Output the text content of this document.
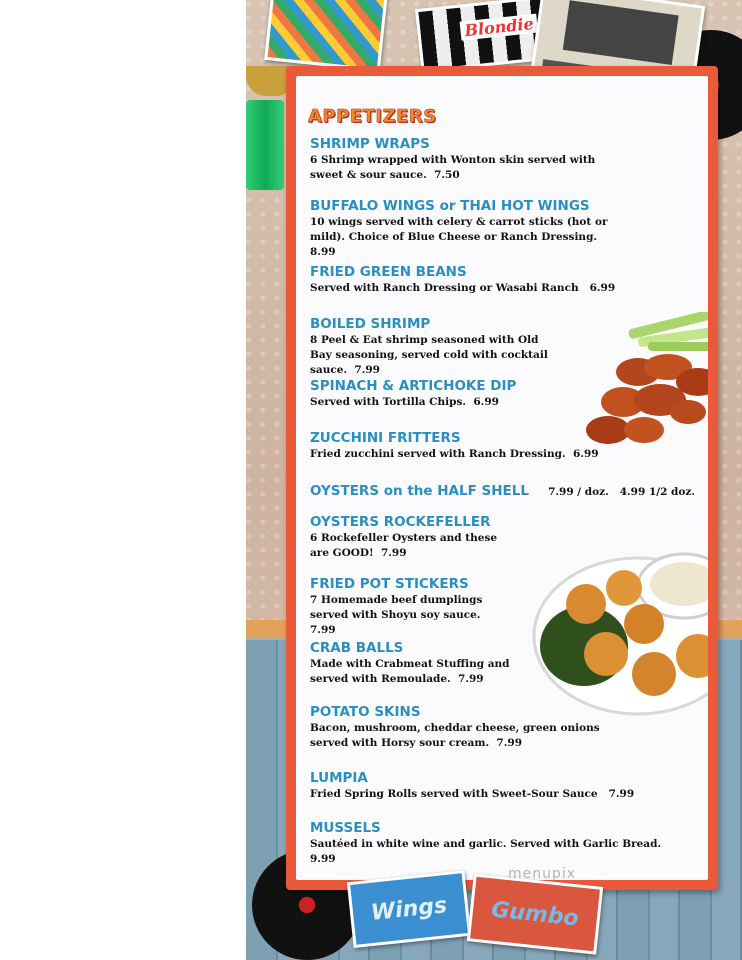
Blondie
APPETIZERS

SHRIMP WRAPS

6 Shrimp wrapped with Wonton skin served with sweet & sour sauce. 7.50

BUFFALO WINGS or THAI HOT WINGS

10 wings served with celery & carrot sticks (hot or mild). Choice of Blue Cheese or Ranch Dressing.  8.99

FRIED GREEN BEANS

Served with Ranch Dressing or Wasabi Ranch 6.99

BOILED SHRIMP

8 Peel & Eat shrimp seasoned with Old Bay seasoning, served cold with cocktail sauce. 7.99

SPINACH & ARTICHOKE DIP

Served with Tortilla Chips. 6.99

ZUCCHINI FRITTERS

Fried zucchini served with Ranch Dressing. 6.99

OYSTERS on the HALF SHELL 7.99 / doz.   4.99 1/2 doz.

OYSTERS ROCKEFELLER

6 Rockefeller Oysters and these are GOOD! 7.99

FRIED POT STICKERS

7 Homemade beef dumplings served with Shoyu soy sauce.  7.99

CRAB BALLS

Made with Crabmeat Stuffing and served with Remoulade. 7.99

POTATO SKINS

Bacon, mushroom, cheddar cheese, green onions served with Horsy sour cream. 7.99

LUMPIA

Fried Spring Rolls served with Sweet-Sour Sauce 7.99

MUSSELS

Sautéed in white wine and garlic. Served with Garlic Bread.   9.99

Wings	Gumbo
menupix
